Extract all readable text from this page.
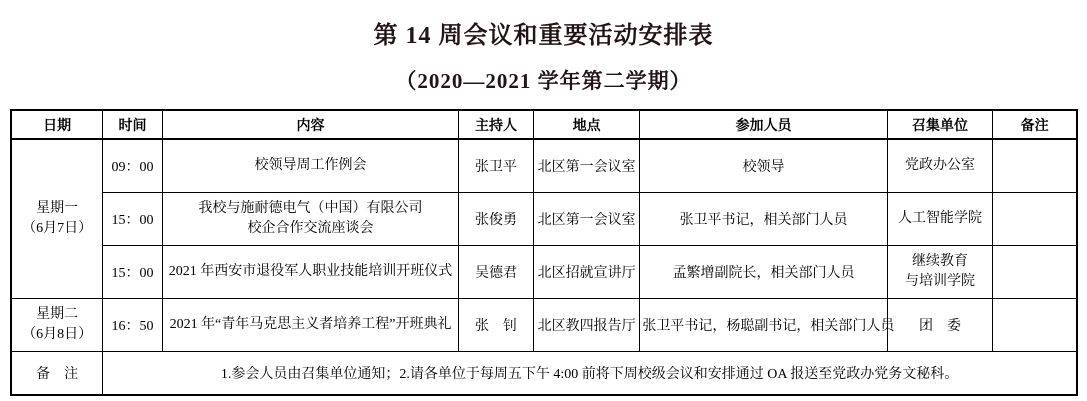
第 14 周会议和重要活动安排表
（2020—2021 学年第二学期）
日期	时间	内容	主持人	地点	参加人员	召集单位	备注

星期一
（6月7日）	09：00	校领导周工作例会	张卫平	北区第一会议室	校领导	党政办公室	

	15：00	我校与施耐德电气（中国）有限公司
校企合作交流座谈会	张俊勇	北区第一会议室	张卫平书记，相关部门人员	人工智能学院	

	15：00	2021 年西安市退役军人职业技能培训开班仪式	吴德君	北区招就宣讲厅	孟繁增副院长，相关部门人员	继续教育
与培训学院	

星期二
（6月8日）	16：50	2021 年“青年马克思主义者培养工程”开班典礼	张　钊	北区教四报告厅	张卫平书记，杨聪副书记，相关部门人员	团　委	
备　注	1.参会人员由召集单位通知；2.请各单位于每周五下午 4:00 前将下周校级会议和安排通过 OA 报送至党政办党务文秘科。						
